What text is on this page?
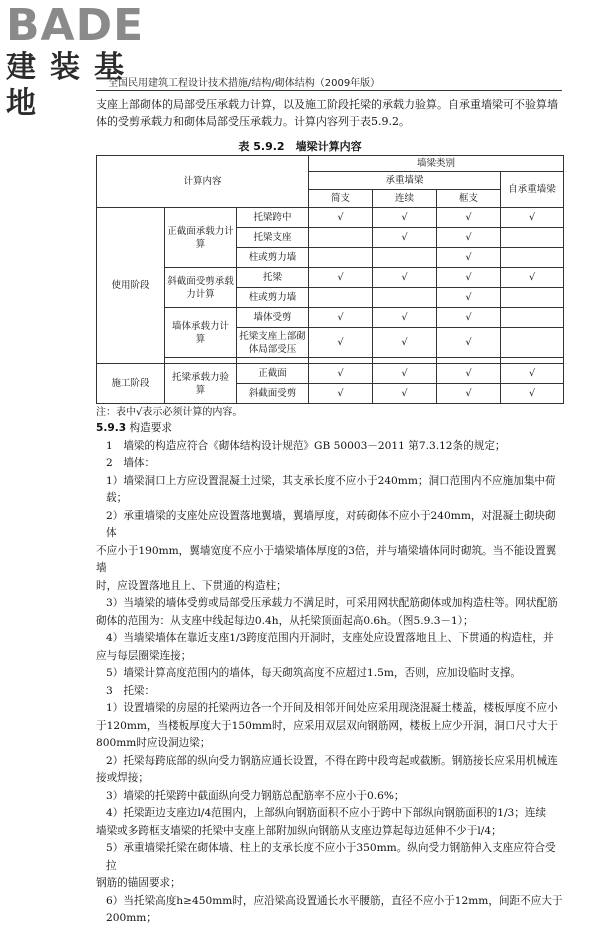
BADE
建装基地
全国民用建筑工程设计技术措施/结构/砌体结构（2009年版）
支座上部砌体的局部受压承载力计算，以及施工阶段托梁的承载力验算。自承重墙梁可不验算墙体的受剪承载力和砌体局部受压承载力。计算内容列于表5.9.2。
表 5.9.2　墙梁计算内容
计算内容			墙梁类别			
			承重墙梁			自承重墙梁
			简支	连续	框支	
使用阶段	正截面承载力计算	托梁跨中	√	√	√	√
		托梁支座		√	√	
		柱或剪力墙			√	
	斜截面受剪承载力计算	托梁	√	√	√	√
		柱或剪力墙			√	
	墙体承载力计　　算	墙体受剪	√	√	√	
		托梁支座上部砌体局部受压	√	√	√	

施工阶段	托梁承载力验　　算	正截面	√	√	√	√
		斜截面受剪	√	√	√	√
注：表中√表示必须计算的内容。

5.9.3 构造要求

1　墙梁的构造应符合《砌体结构设计规范》GB 50003－2011 第7.3.12条的规定；

2　墙体：

1）墙梁洞口上方应设置混凝土过梁，其支承长度不应小于240mm；洞口范围内不应施加集中荷载；

2）承重墙梁的支座处应设置落地翼墙，翼墙厚度，对砖砌体不应小于240mm，对混凝土砌块砌体

不应小于190mm，翼墙宽度不应小于墙梁墙体厚度的3倍，并与墙梁墙体同时砌筑。当不能设置翼墙

时，应设置落地且上、下贯通的构造柱；

3）当墙梁的墙体受剪或局部受压承载力不满足时，可采用网状配筋砌体或加构造柱等。网状配筋

砌体的范围为：从支座中线起每边0.4h，从托梁顶面起高0.6h。（图5.9.3－1）；

4）当墙梁墙体在靠近支座1/3跨度范围内开洞时，支座处应设置落地且上、下贯通的构造柱，并

应与每层圈梁连接；

5）墙梁计算高度范围内的墙体，每天砌筑高度不应超过1.5m，否则，应加设临时支撑。

3　托梁：

1）设置墙梁的房屋的托梁两边各一个开间及相邻开间处应采用现浇混凝土楼盖，楼板厚度不应小

于120mm，当楼板厚度大于150mm时，应采用双层双向钢筋网，楼板上应少开洞，洞口尺寸大于

800mm时应设洞边梁；

2）托梁每跨底部的纵向受力钢筋应通长设置，不得在跨中段弯起或截断。钢筋接长应采用机械连

接或焊接；

3）墙梁的托梁跨中截面纵向受力钢筋总配筋率不应小于0.6%；

4）托梁距边支座边l/4范围内，上部纵向钢筋面积不应小于跨中下部纵向钢筋面积的1/3；连续

墙梁或多跨框支墙梁的托梁中支座上部附加纵向钢筋从支座边算起每边延伸不少于l/4；

5）承重墙梁托梁在砌体墙、柱上的支承长度不应小于350mm。纵向受力钢筋伸入支座应符合受拉

钢筋的锚固要求；

6）当托梁高度h≥450mm时，应沿梁高设置通长水平腰筋，直径不应小于12mm，间距不应大于200mm；
